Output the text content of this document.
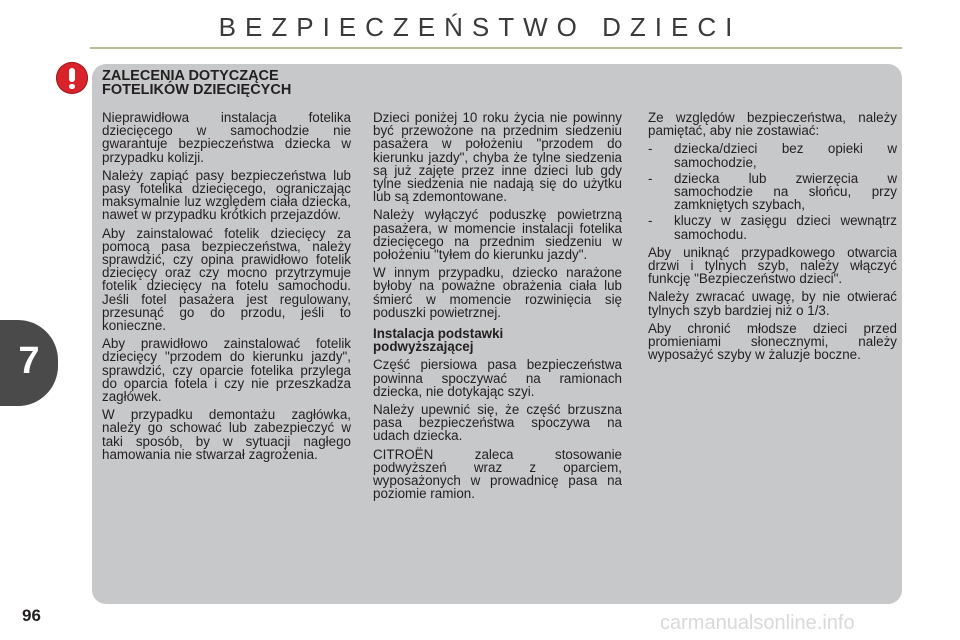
BEZPIECZEŃSTWO DZIECI
ZALECENIA DOTYCZĄCE
FOTELIKÓW DZIECIĘCYCH

Nieprawidłowa instalacja fotelika dziecięcego w samochodzie nie gwarantuje bezpieczeństwa dziecka w przypadku kolizji.

Należy zapiąć pasy bezpieczeństwa lub pasy fotelika dziecięcego, ograniczając maksymalnie luz względem ciała dziecka, nawet w przypadku krótkich przejazdów.

Aby zainstalować fotelik dziecięcy za pomocą pasa bezpieczeństwa, należy sprawdzić, czy opina prawidłowo fotelik dziecięcy oraz czy mocno przytrzymuje fotelik dziecięcy na fotelu samochodu. Jeśli fotel pasażera jest regulowany, przesunąć go do przodu, jeśli to konieczne.

Aby prawidłowo zainstalować fotelik dziecięcy "przodem do kierunku jazdy", sprawdzić, czy oparcie fotelika przylega do oparcia fotela i czy nie przeszkadza zagłówek.

W przypadku demontażu zagłówka, należy go schować lub zabezpieczyć w taki sposób, by w sytuacji nagłego hamowania nie stwarzał zagrożenia.

Dzieci poniżej 10 roku życia nie powinny być przewożone na przednim siedzeniu pasażera w położeniu "przodem do kierunku jazdy", chyba że tylne siedzenia są już zajęte przez inne dzieci lub gdy tylne siedzenia nie nadają się do użytku lub są zdemontowane.

Należy wyłączyć poduszkę powietrzną pasażera, w momencie instalacji fotelika dziecięcego na przednim siedzeniu w położeniu "tyłem do kierunku jazdy".

W innym przypadku, dziecko narażone byłoby na poważne obrażenia ciała lub śmierć w momencie rozwinięcia się poduszki powietrznej.

Instalacja podstawki
podwyższającej

Część piersiowa pasa bezpieczeństwa powinna spoczywać na ramionach dziecka, nie dotykając szyi.

Należy upewnić się, że część brzuszna pasa bezpieczeństwa spoczywa na udach dziecka.

CITROËN zaleca stosowanie podwyższeń wraz z oparciem, wyposażonych w prowadnicę pasa na poziomie ramion.

Ze względów bezpieczeństwa, należy pamiętać, aby nie zostawiać:

-	dziecka/dzieci bez opieki w samochodzie,
-	dziecka lub zwierzęcia w samochodzie na słońcu, przy zamkniętych szybach,
-	kluczy w zasięgu dzieci wewnątrz samochodu.

Aby uniknąć przypadkowego otwarcia drzwi i tylnych szyb, należy włączyć funkcję "Bezpieczeństwo dzieci".

Należy zwracać uwagę, by nie otwierać tylnych szyb bardziej niż o 1/3.

Aby chronić młodsze dzieci przed promieniami słonecznymi, należy wyposażyć szyby w żaluzje boczne.

7
96	carmanualsonline.info
